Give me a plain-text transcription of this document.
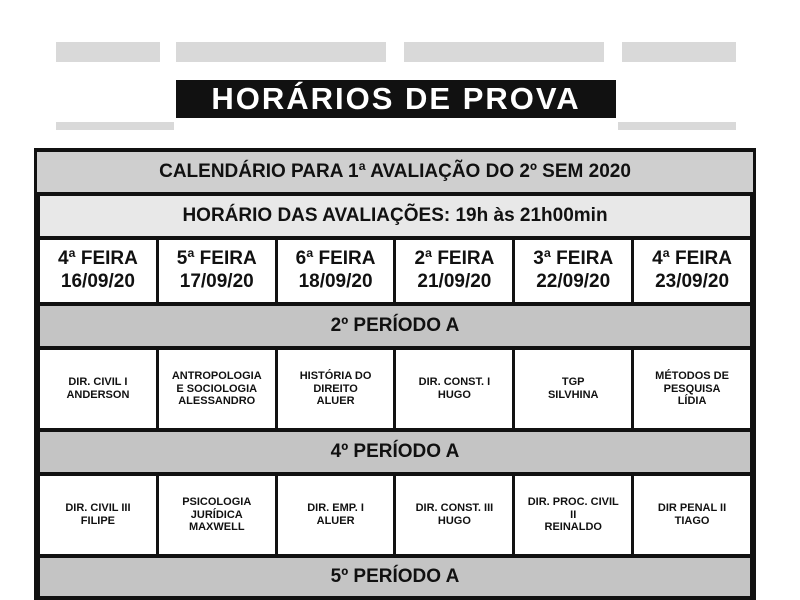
HORÁRIOS DE PROVA
CALENDÁRIO PARA 1ª AVALIAÇÃO DO 2º SEM 2020
HORÁRIO DAS AVALIAÇÕES: 19h às 21h00min
4ª FEIRA
16/09/20
5ª FEIRA
17/09/20
6ª FEIRA
18/09/20
2ª FEIRA
21/09/20
3ª FEIRA
22/09/20
4ª FEIRA
23/09/20
2º PERÍODO A
DIR. CIVIL I
ANDERSON
ANTROPOLOGIA
E SOCIOLOGIA
ALESSANDRO
HISTÓRIA DO
DIREITO
ALUER
DIR. CONST. I
HUGO
TGP
SILVHINA
MÉTODOS DE
PESQUISA
LÍDIA
4º PERÍODO A
DIR. CIVIL III
FILIPE
PSICOLOGIA
JURÍDICA
MAXWELL
DIR. EMP. I
ALUER
DIR. CONST. III
HUGO
DIR. PROC. CIVIL
II
REINALDO
DIR PENAL II
TIAGO
5º PERÍODO A
